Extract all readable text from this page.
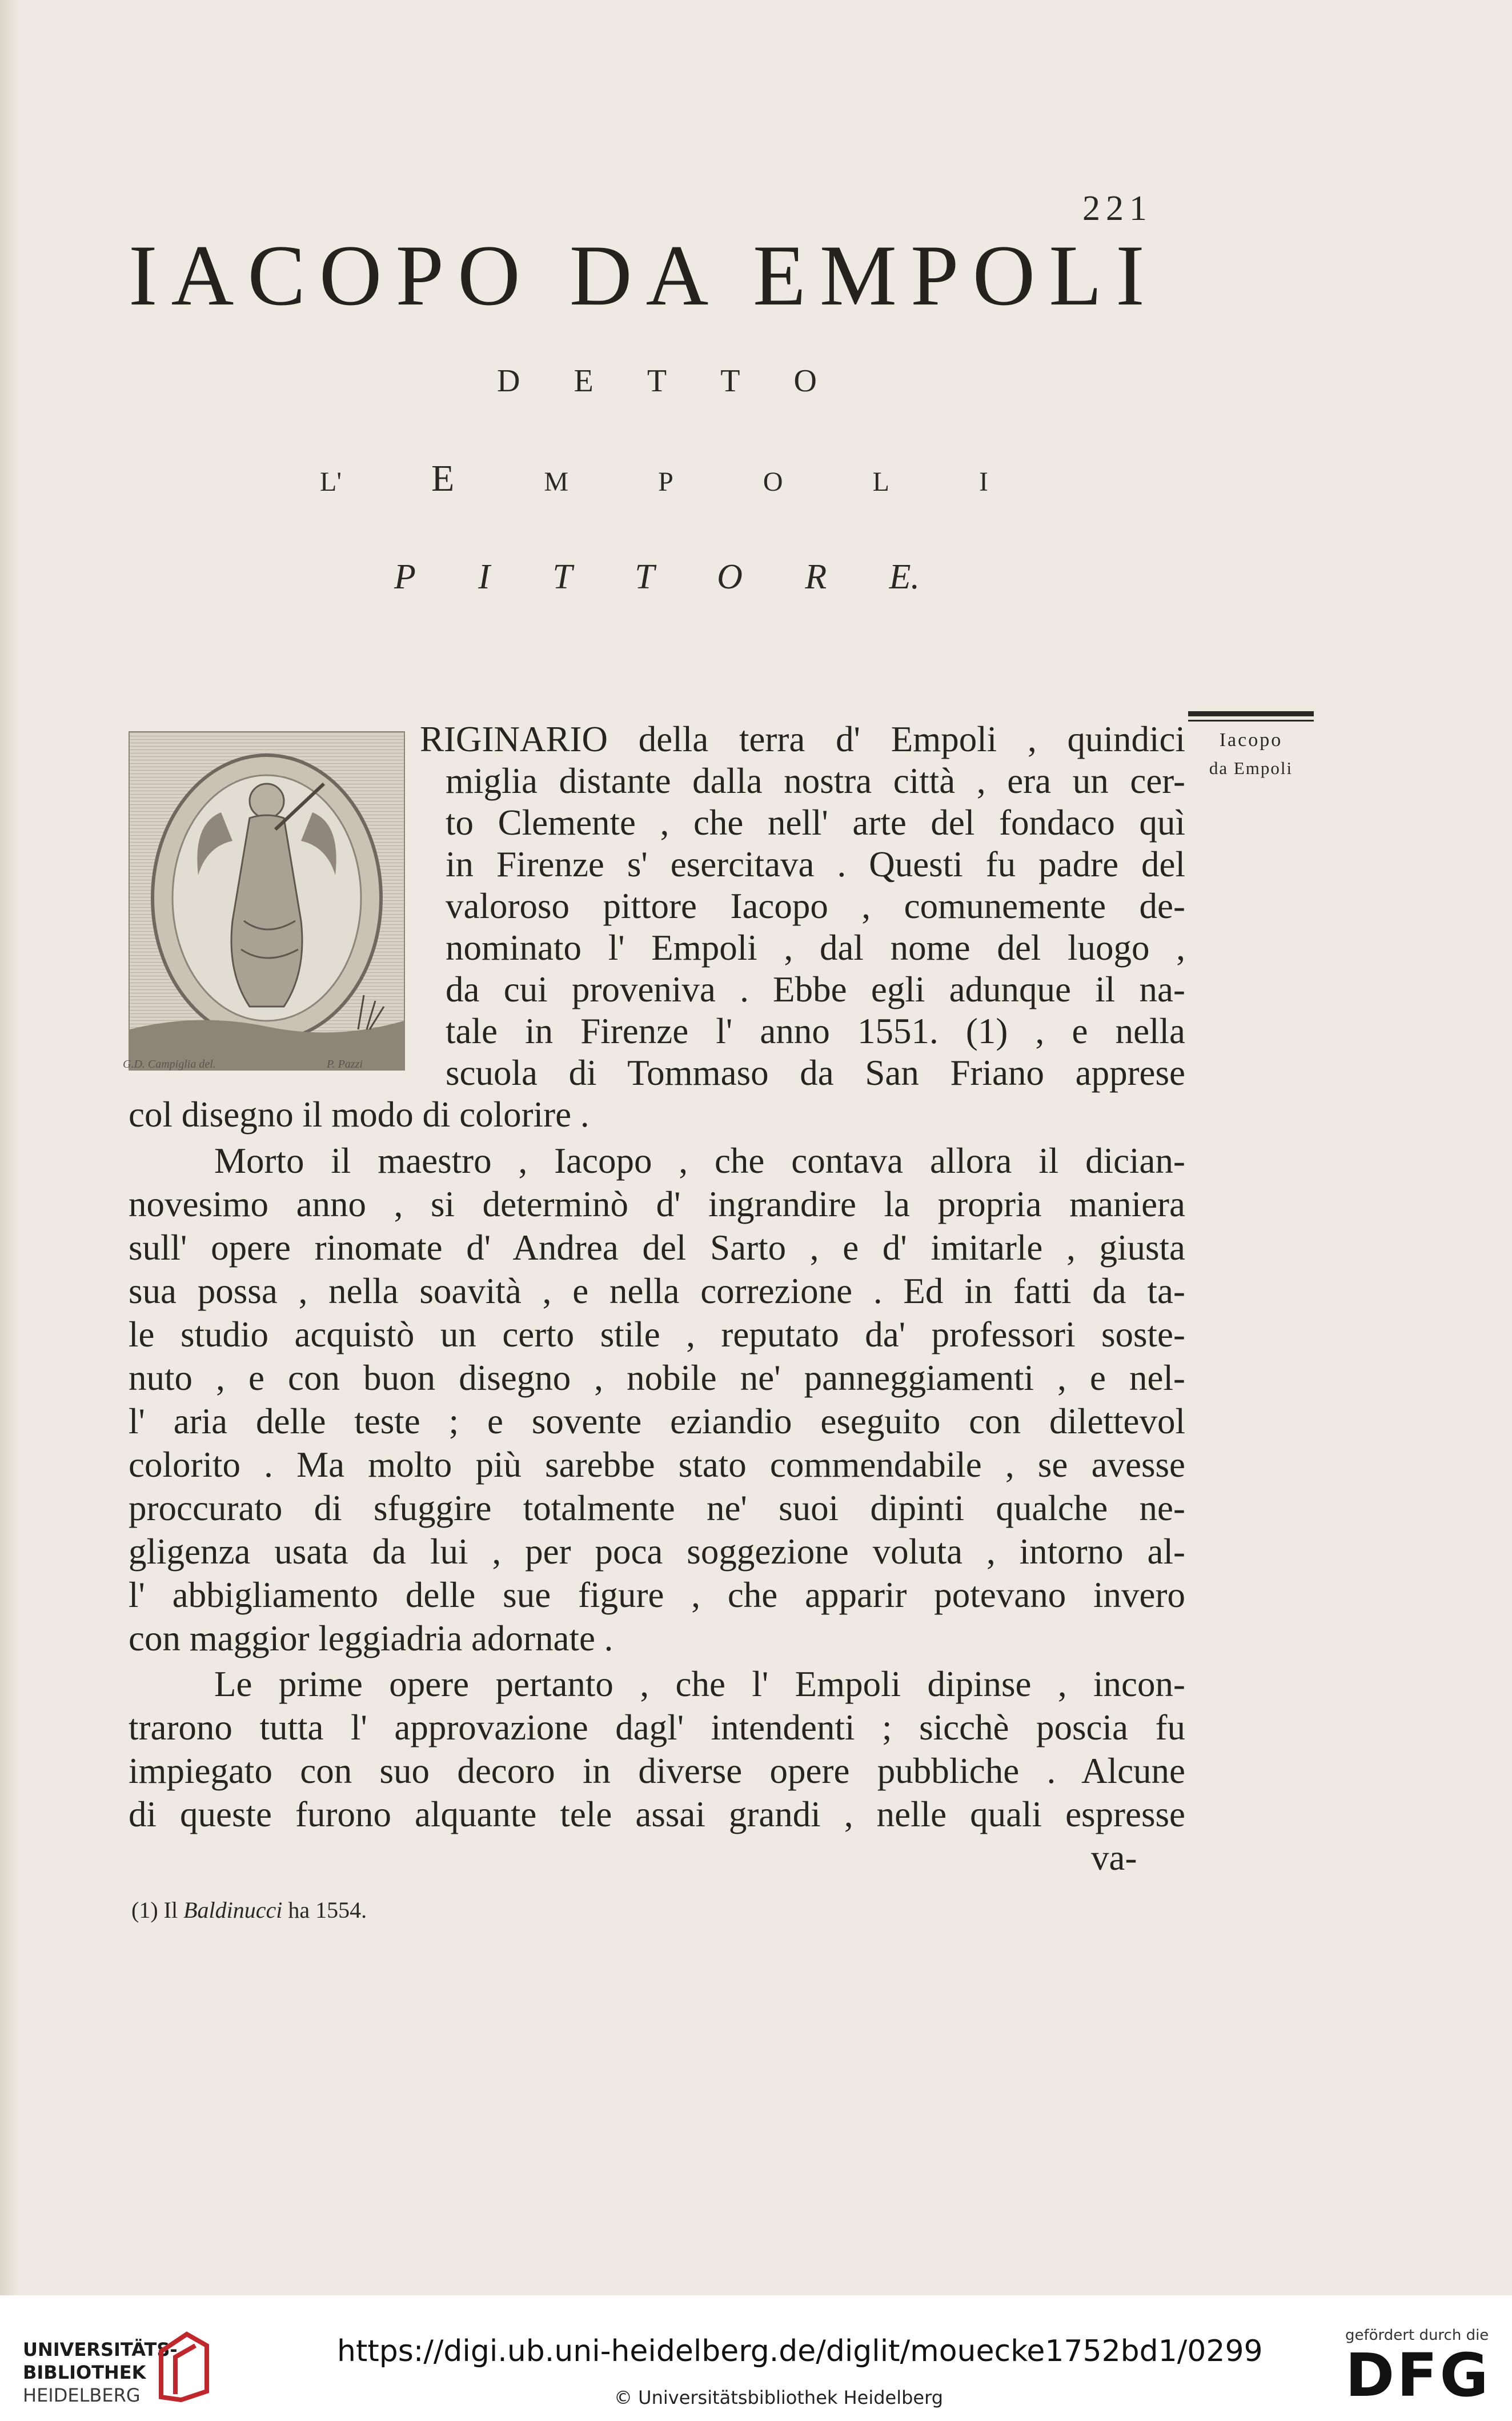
221
IACOPO DA EMPOLI
D E T T O
L' E	M	P	O	L	I
P I T T O R E.
G.D. Campiglia del.	P. Pazzi
Iacopo
da Empoli
RIGINARIO della terra d' Empoli , quindici
miglia distante dalla nostra città , era un cer-
to Clemente , che nell' arte del fondaco quì
in Firenze s' esercitava . Questi fu padre del
valoroso pittore Iacopo , comunemente de-
nominato l' Empoli , dal nome del luogo ,
da cui proveniva . Ebbe egli adunque il na-
tale in Firenze l' anno 1551. (1) , e nella
scuola di Tommaso da San Friano apprese
col disegno il modo di colorire .
Morto il maestro , Iacopo , che contava allora il dician-
novesimo anno , si determinò d' ingrandire la propria maniera
sull' opere rinomate d' Andrea del Sarto , e d' imitarle , giusta
sua possa , nella soavità , e nella correzione . Ed in fatti da ta-
le studio acquistò un certo stile , reputato da' professori soste-
nuto , e con buon disegno , nobile ne' panneggiamenti , e nel-
l' aria delle teste ; e sovente eziandio eseguito con dilettevol
colorito . Ma molto più sarebbe stato commendabile , se avesse
proccurato di sfuggire totalmente ne' suoi dipinti qualche ne-
gligenza usata da lui , per poca soggezione voluta , intorno al-
l' abbigliamento delle sue figure , che apparir potevano invero
con maggior leggiadria adornate .
Le prime opere pertanto , che l' Empoli dipinse , incon-
trarono tutta l' approvazione dagl' intendenti ; sicchè poscia fu
impiegato con suo decoro in diverse opere pubbliche . Alcune
di queste furono alquante tele assai grandi , nelle quali espresse
va-
(1) Il Baldinucci ha 1554.
UNIVERSITÄTS-
BIBLIOTHEK
HEIDELBERG
https://digi.ub.uni-heidelberg.de/diglit/mouecke1752bd1/0299
© Universitätsbibliothek Heidelberg
gefördert durch die
DFG
